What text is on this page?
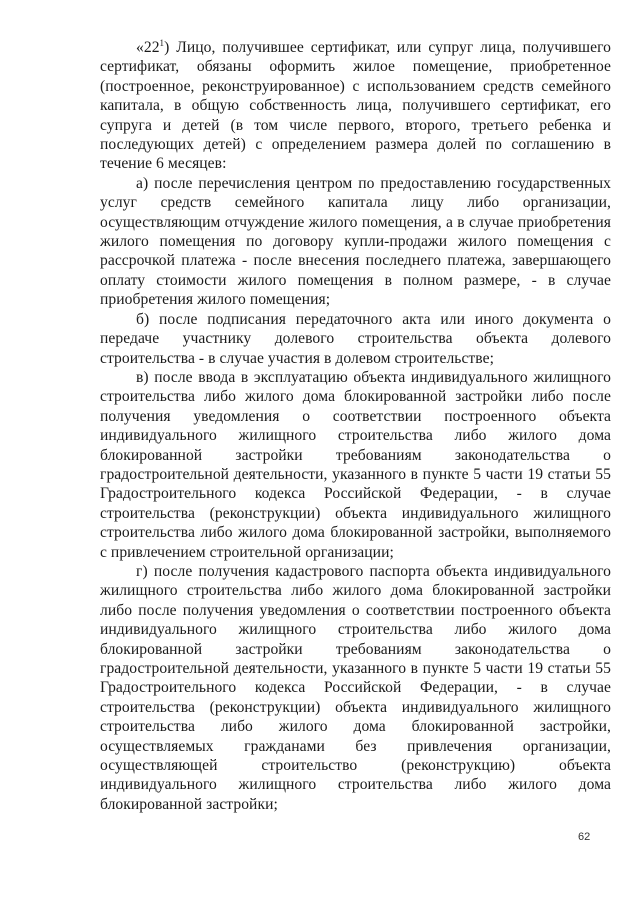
«$22^1$) Лицо, получившее сертификат, или супруг лица, получившего сертификат, обязаны оформить жилое помещение, приобретенное (построенное, реконструированное) с использованием средств семейного капитала, в общую собственность лица, получившего сертификат, его супруга и детей (в том числе первого, второго, третьего ребенка и последующих детей) с определением размера долей по соглашению в течение 6 месяцев:

а) после перечисления центром по предоставлению государственных услуг средств семейного капитала лицу либо организации, осуществляющим отчуждение жилого помещения, а в случае приобретения жилого помещения по договору купли-продажи жилого помещения с рассрочкой платежа - после внесения последнего платежа, завершающего оплату стоимости жилого помещения в полном размере, - в случае приобретения жилого помещения;

б) после подписания передаточного акта или иного документа о передаче участнику долевого строительства объекта долевого строительства - в случае участия в долевом строительстве;

в) после ввода в эксплуатацию объекта индивидуального жилищного строительства либо жилого дома блокированной застройки либо после получения уведомления о соответствии построенного объекта индивидуального жилищного строительства либо жилого дома блокированной застройки требованиям законодательства о градостроительной деятельности, указанного в пункте 5 части 19 статьи 55 Градостроительного кодекса Российской Федерации, - в случае строительства (реконструкции) объекта индивидуального жилищного строительства либо жилого дома блокированной застройки, выполняемого с привлечением строительной организации;

г) после получения кадастрового паспорта объекта индивидуального жилищного строительства либо жилого дома блокированной застройки либо после получения уведомления о соответствии построенного объекта индивидуального жилищного строительства либо жилого дома блокированной застройки требованиям законодательства о градостроительной деятельности, указанного в пункте 5 части 19 статьи 55 Градостроительного кодекса Российской Федерации, - в случае строительства (реконструкции) объекта индивидуального жилищного строительства либо жилого дома блокированной застройки, осуществляемых гражданами без привлечения организации, осуществляющей строительство (реконструкцию) объекта индивидуального жилищного строительства либо жилого дома блокированной застройки;

62
